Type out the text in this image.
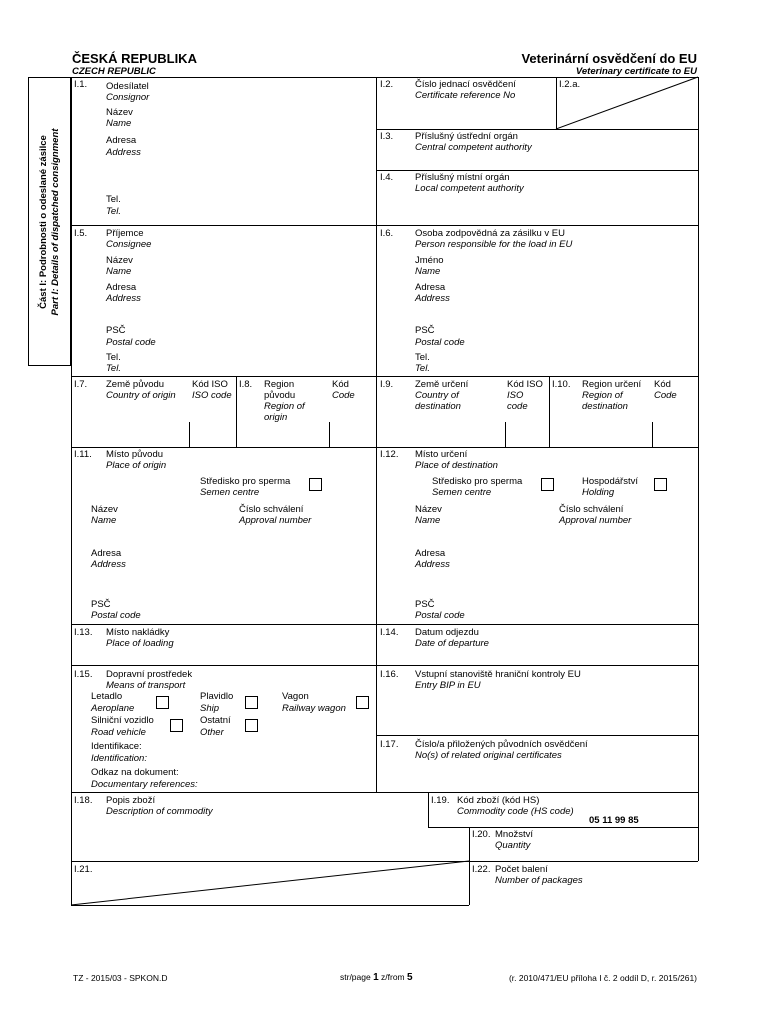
ČESKÁ REPUBLIKA
CZECH REPUBLIC
Veterinární osvědčení do EU
Veterinary certificate to EU
Část I: Podrobnosti o odeslané zásilce Part I: Details of dispatched consignment
I.1. Odesílatel
Consignor
Název
Name
Adresa
Address
Tel.
Tel.
I.2. Číslo jednací osvědčení
Certificate reference No
I.2.a.
I.3. Příslušný ústřední orgán
Central competent authority
I.4. Příslušný místní orgán
Local competent authority
I.5. Příjemce
Consignee
Název
Name
Adresa
Address
PSČ
Postal code
Tel.
Tel.
I.6. Osoba zodpovědná za zásilku v EU
Person responsible for the load in EU
Jméno
Name
Adresa
Address
PSČ
Postal code
Tel.
Tel.
I.7. Země původu
Country of origin
Kód ISO
ISO code
I.8. Region
původu
Region of
origin
Kód
Code
I.9. Země určení
Country of
destination
Kód ISO
ISO
code
I.10. Region určení
Region of
destination
Kód
Code
I.11. Místo původu
Place of origin
Středisko pro sperma
Semen centre
Název
Name
Číslo schválení
Approval number
Adresa
Address
PSČ
Postal code
I.12. Místo určení
Place of destination
Středisko pro sperma
Semen centre
Hospodářství
Holding
Název
Name
Číslo schválení
Approval number
Adresa
Address
PSČ
Postal code
I.13. Místo nakládky
Place of loading
I.14. Datum odjezdu
Date of departure
I.15. Dopravní prostředek
Means of transport
Letadlo
Aeroplane
Plavidlo
Ship
Vagon
Railway wagon
Silniční vozidlo
Road vehicle
Ostatní
Other
Identifikace:
Identification:
Odkaz na dokument:
Documentary references:
I.16. Vstupní stanoviště hraniční kontroly EU
Entry BIP in EU
I.17. Číslo/a přiložených původních osvědčení
No(s) of related original certificates
I.18. Popis zboží
Description of commodity
I.19. Kód zboží (kód HS)
Commodity code (HS code)
05 11 99 85
I.20. Množství
Quantity
I.21.	I.22. Počet balení
Number of packages
TZ - 2015/03 - SPKON.D	str/page 1 z/from 5	(r. 2010/471/EU příloha I č. 2 oddíl D, r. 2015/261)
